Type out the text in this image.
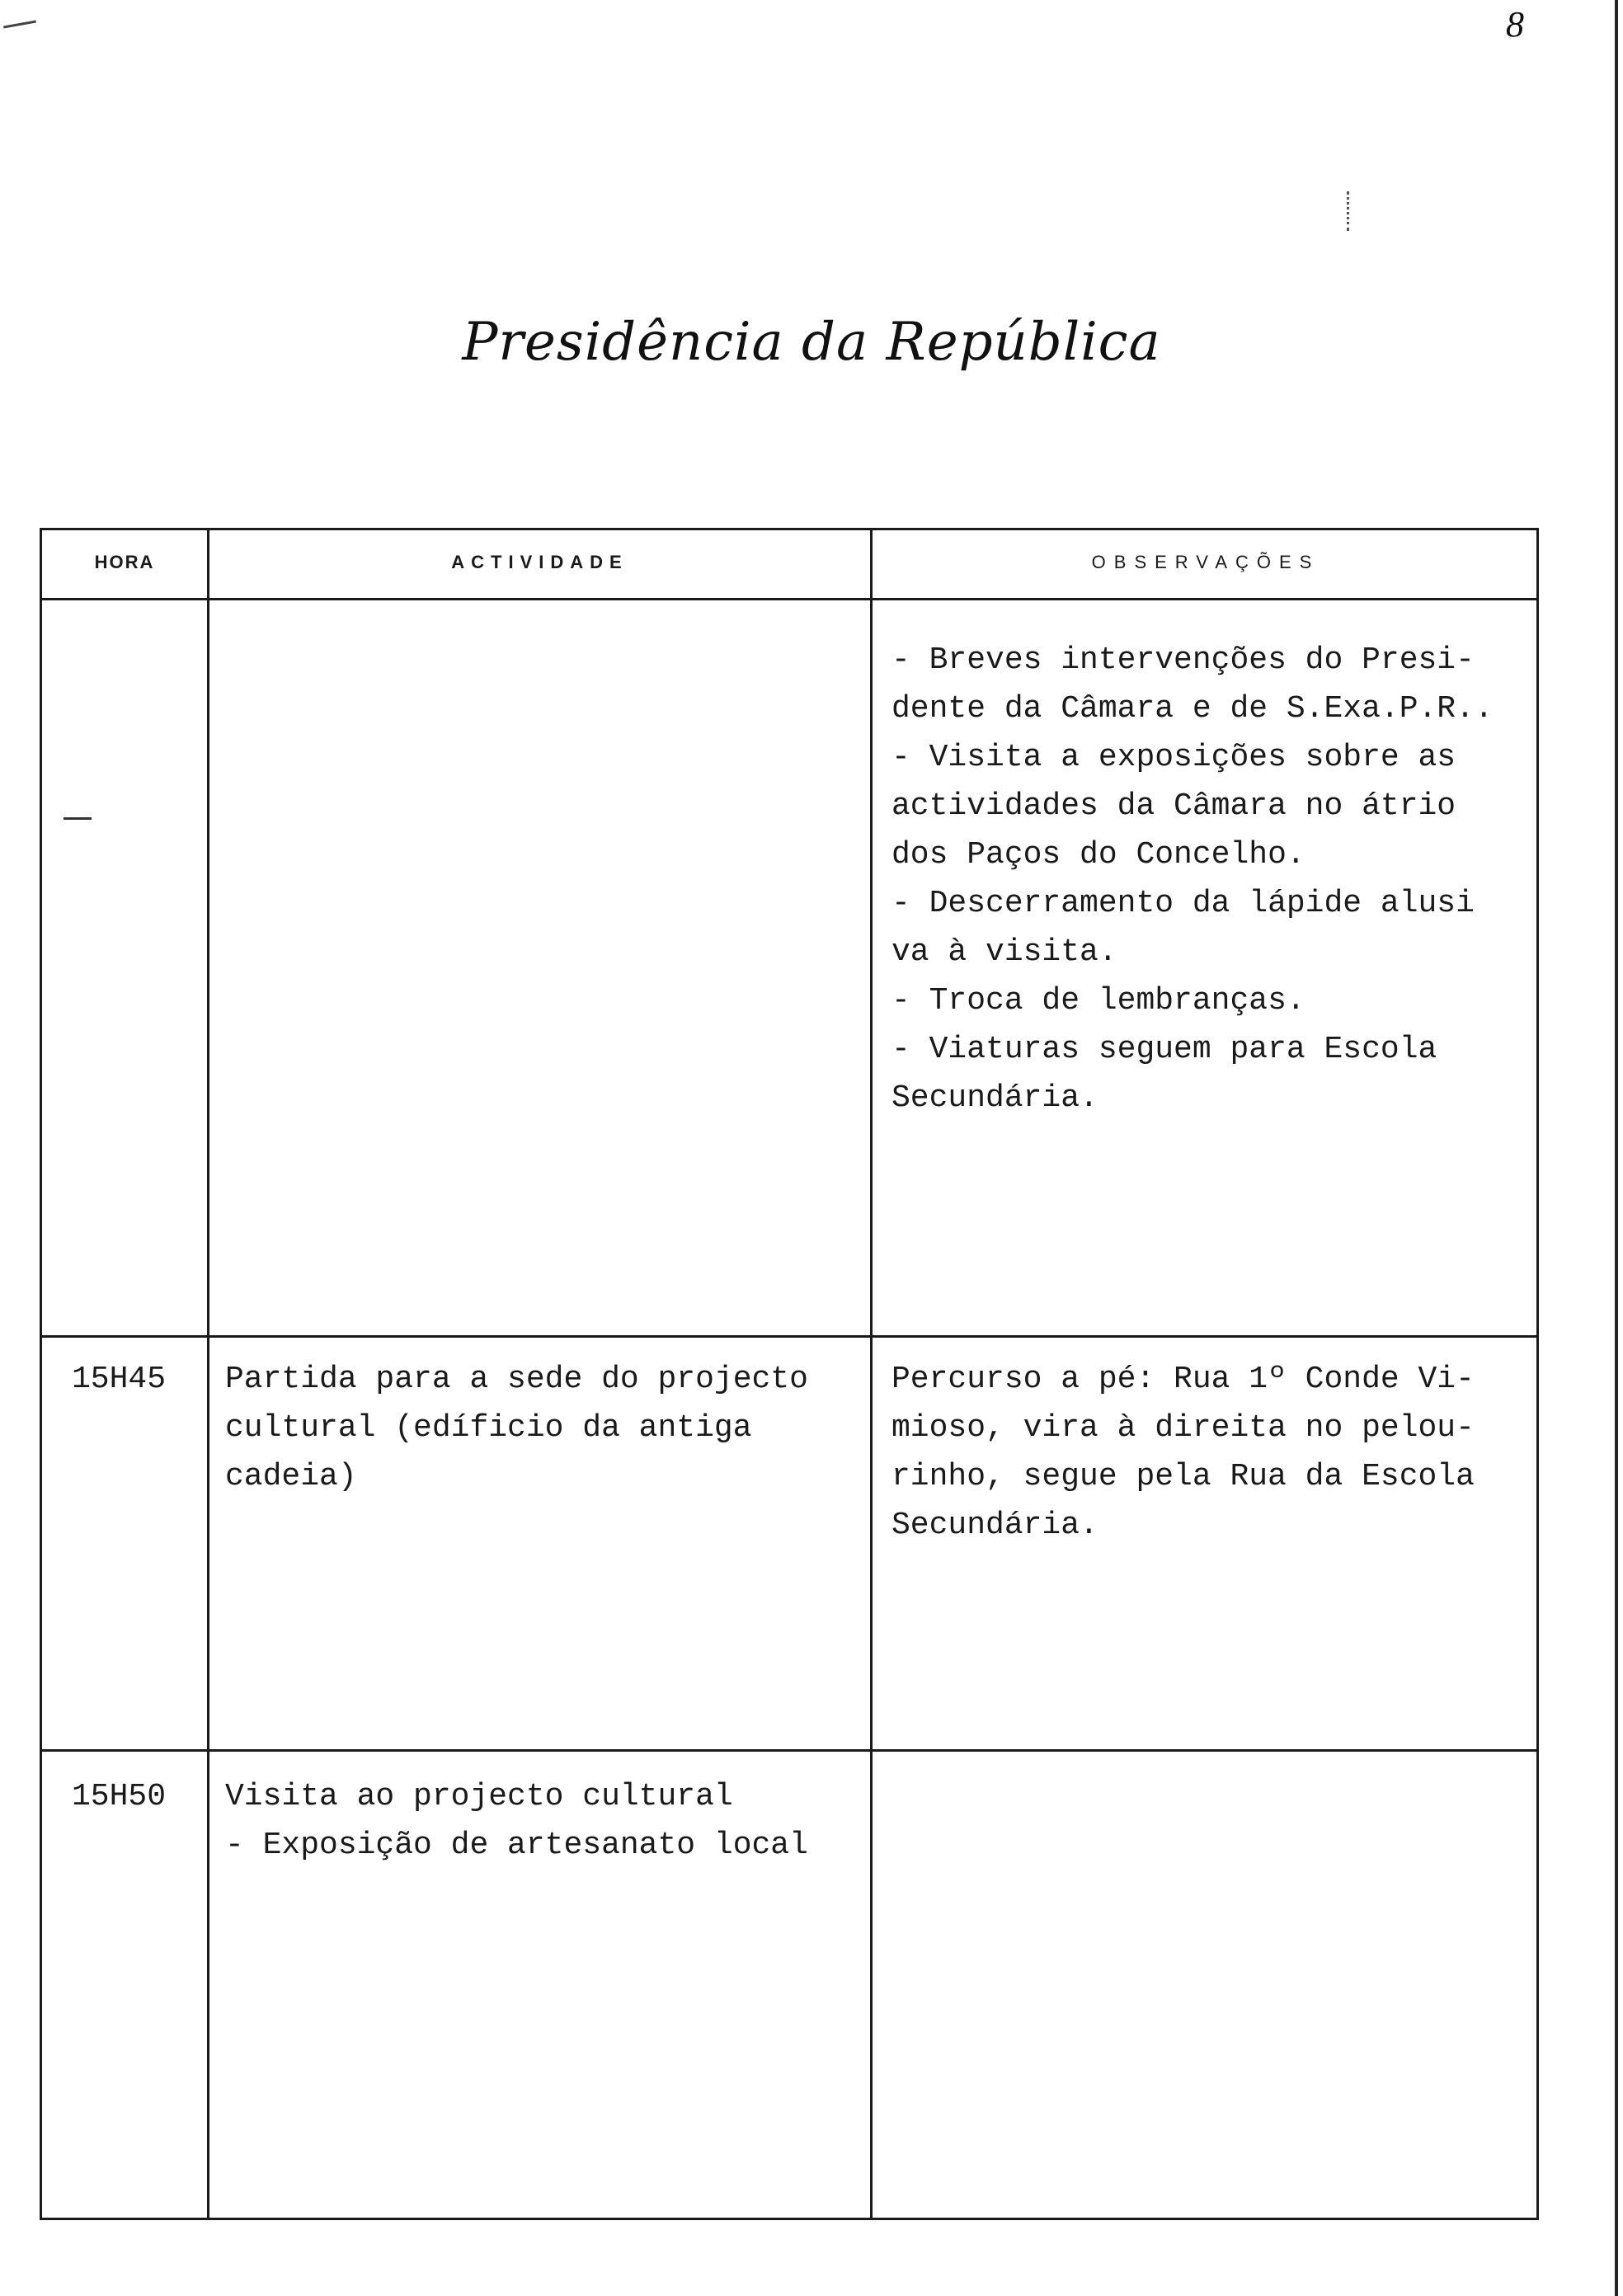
8
Presidência da República
HORA	ACTIVIDADE	OBSERVAÇÕES
- Breves intervenções do Presi-
dente da Câmara e de S.Exa.P.R..
- Visita a exposições sobre as
actividades da Câmara no átrio
dos Paços do Concelho.
- Descerramento da lápide alusi
va à visita.
- Troca de lembranças.
- Viaturas seguem para Escola
Secundária.
15H45 Partida para a sede do projecto
cultural (edíficio da antiga
cadeia)
Percurso a pé: Rua 1º Conde Vi-
mioso, vira à direita no pelou-
rinho, segue pela Rua da Escola
Secundária.
15H50 Visita ao projecto cultural
- Exposição de artesanato local
